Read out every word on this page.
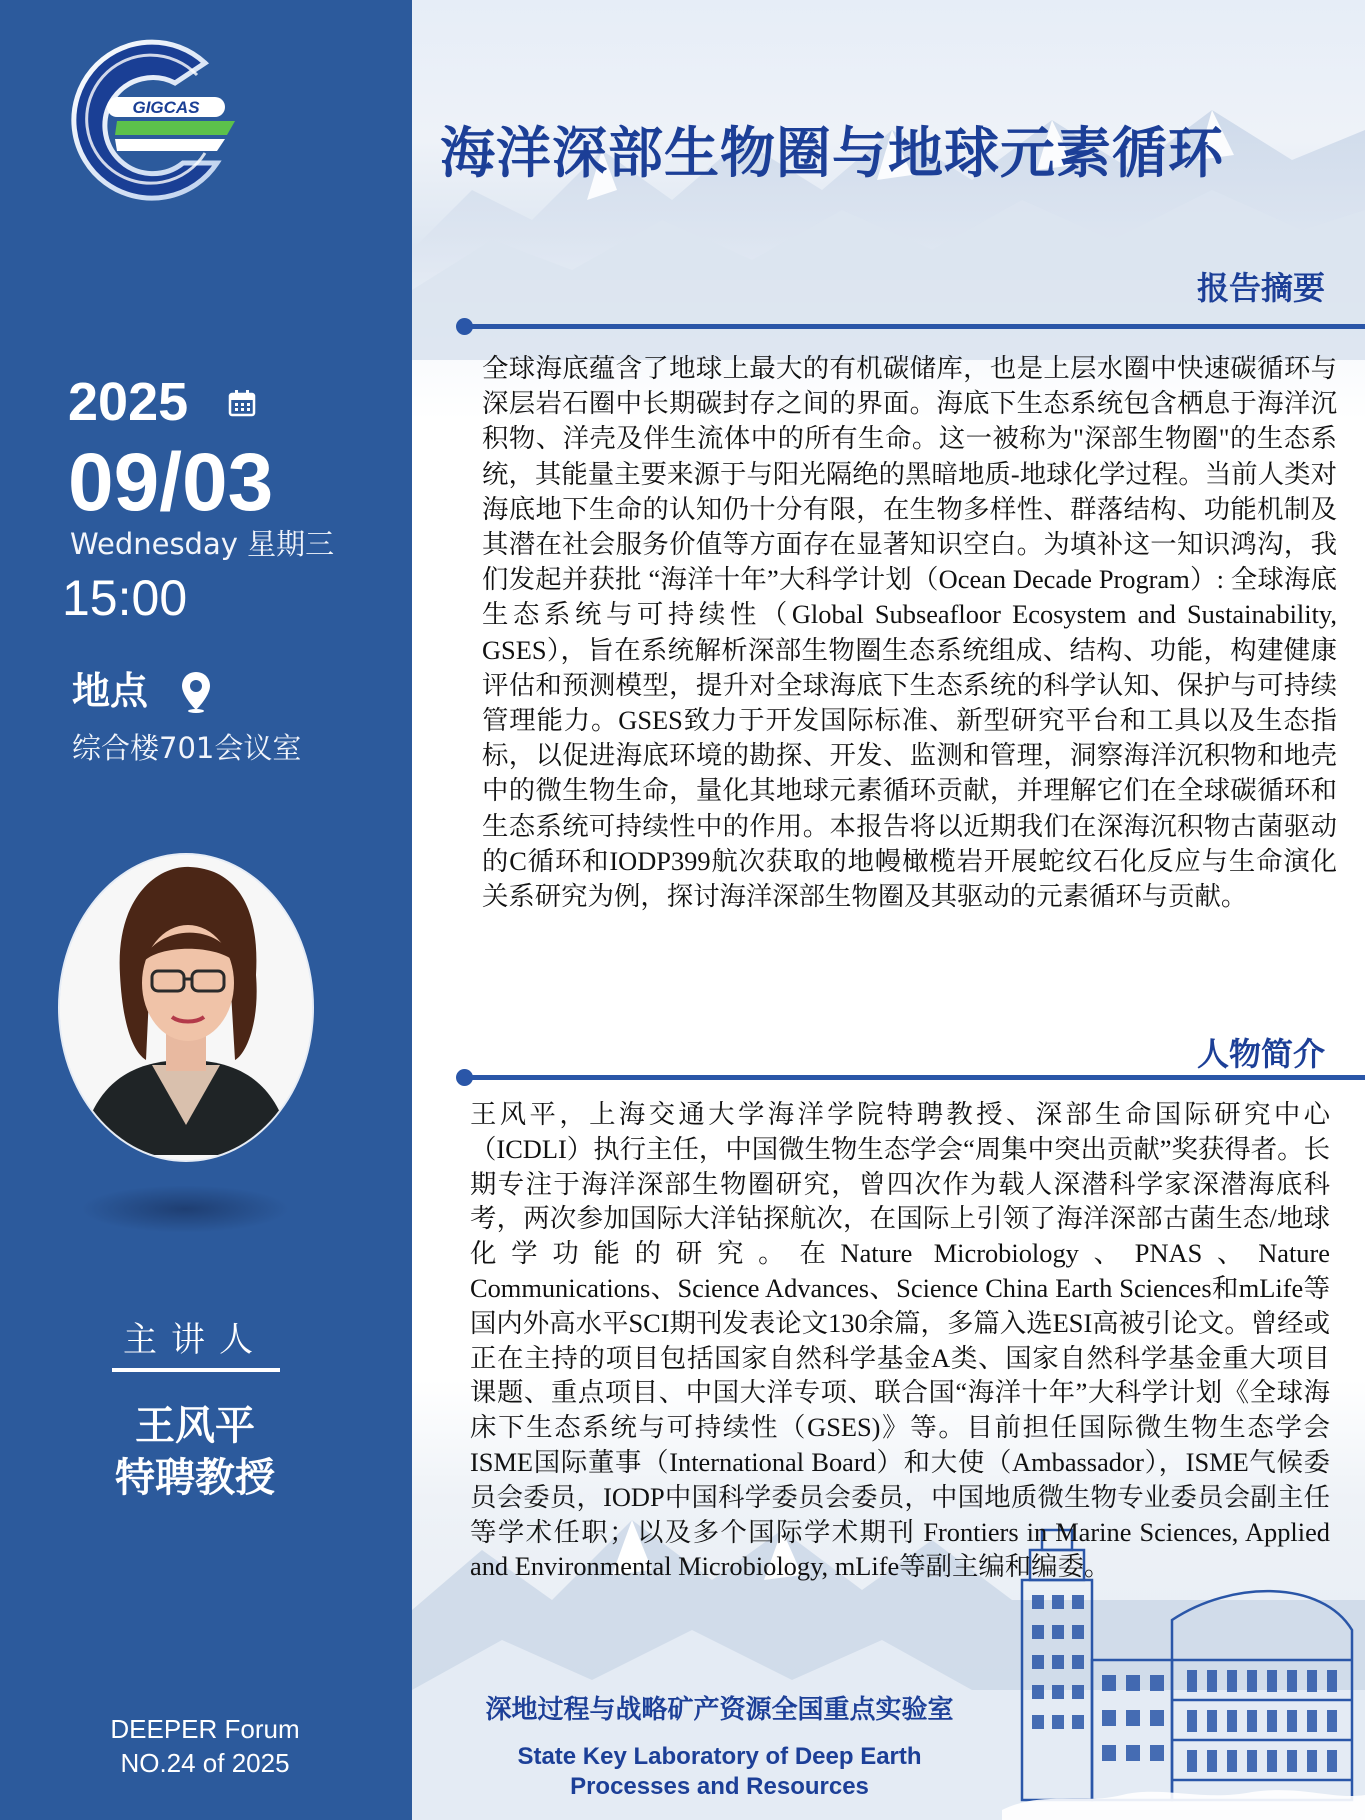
GIGCAS
2025
09/03
Wednesday 星期三
15:00
地点
综合楼701会议室
主讲人
王风平
特聘教授
DEEPER Forum
NO.24 of 2025
海洋深部生物圈与地球元素循环
报告摘要

全球海底蕴含了地球上最大的有机碳储库，也是上层水圈中快速碳循环与深层岩石圈中长期碳封存之间的界面。海底下生态系统包含栖息于海洋沉积物、洋壳及伴生流体中的所有生命。这一被称为"深部生物圈"的生态系统，其能量主要来源于与阳光隔绝的黑暗地质-地球化学过程。当前人类对海底地下生命的认知仍十分有限，在生物多样性、群落结构、功能机制及其潜在社会服务价值等方面存在显著知识空白。为填补这一知识鸿沟，我们发起并获批 “海洋十年”大科学计划（Ocean Decade Program）: 全球海底生态系统与可持续性（Global Subseafloor Ecosystem and Sustainability, GSES），旨在系统解析深部生物圈生态系统组成、结构、功能，构建健康评估和预测模型，提升对全球海底下生态系统的科学认知、保护与可持续管理能力。GSES致力于开发国际标准、新型研究平台和工具以及生态指标，以促进海底环境的勘探、开发、监测和管理，洞察海洋沉积物和地壳中的微生物生命，量化其地球元素循环贡献，并理解它们在全球碳循环和生态系统可持续性中的作用。本报告将以近期我们在深海沉积物古菌驱动的C循环和IODP399航次获取的地幔橄榄岩开展蛇纹石化反应与生命演化关系研究为例，探讨海洋深部生物圈及其驱动的元素循环与贡献。

人物简介

王风平，上海交通大学海洋学院特聘教授、深部生命国际研究中心（ICDLI）执行主任，中国微生物生态学会“周集中突出贡献”奖获得者。长期专注于海洋深部生物圈研究，曾四次作为载人深潜科学家深潜海底科考，两次参加国际大洋钻探航次，在国际上引领了海洋深部古菌生态/地球化学功能的研究。在Nature Microbiology、PNAS、Nature Communications、Science Advances、Science China Earth Sciences和mLife等国内外高水平SCI期刊发表论文130余篇，多篇入选ESI高被引论文。曾经或正在主持的项目包括国家自然科学基金A类、国家自然科学基金重大项目课题、重点项目、中国大洋专项、联合国“海洋十年”大科学计划《全球海床下生态系统与可持续性（GSES)》等。目前担任国际微生物生态学会ISME国际董事（International Board）和大使（Ambassador），ISME气候委员会委员，IODP中国科学委员会委员，中国地质微生物专业委员会副主任等学术任职；以及多个国际学术期刊 Frontiers in Marine Sciences, Applied and Environmental Microbiology, mLife等副主编和编委。

深地过程与战略矿产资源全国重点实验室
State Key Laboratory of Deep Earth
Processes and Resources
